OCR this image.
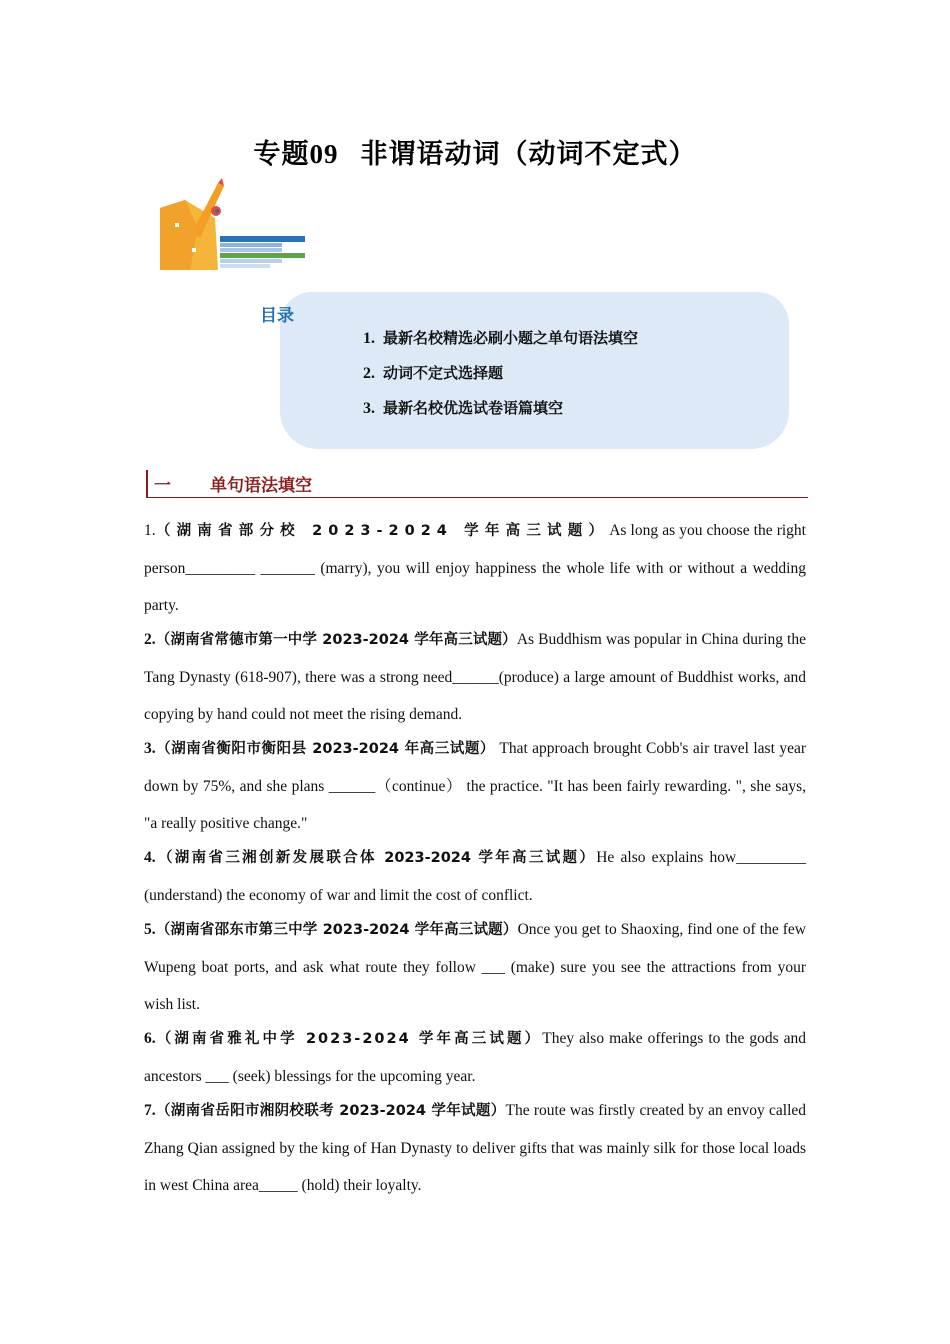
专题09 非谓语动词（动词不定式）
目录
1. 最新名校精选必刷小题之单句语法填空
2. 动词不定式选择题
3. 最新名校优选试卷语篇填空
一 单句语法填空
1.（湖南省部分校 2023-2024 学年高三试题）As long as you choose the right person_________ _______ (marry), you will enjoy happiness the whole life with or without a wedding party.
2.（湖南省常德市第一中学 2023-2024 学年高三试题）As Buddhism was popular in China during the Tang Dynasty (618-907), there was a strong need______(produce) a large amount of Buddhist works, and copying by hand could not meet the rising demand.
3.（湖南省衡阳市衡阳县 2023-2024 年高三试题） That approach brought Cobb's air travel last year down by 75%, and she plans ______（continue） the practice. "It has been fairly rewarding. ", she says, "a really positive change."
4.（湖南省三湘创新发展联合体 2023-2024 学年高三试题）He also explains how_________ (understand) the economy of war and limit the cost of conflict.
5.（湖南省邵东市第三中学 2023-2024 学年高三试题）Once you get to Shaoxing, find one of the few Wupeng boat ports, and ask what route they follow ___ (make) sure you see the attractions from your wish list.
6.（湖南省雅礼中学 2023-2024 学年高三试题）They also make offerings to the gods and ancestors ___ (seek) blessings for the upcoming year.
7.（湖南省岳阳市湘阴校联考 2023-2024 学年试题）The route was firstly created by an envoy called Zhang Qian assigned by the king of Han Dynasty to deliver gifts that was mainly silk for those local loads in west China area_____ (hold) their loyalty.
